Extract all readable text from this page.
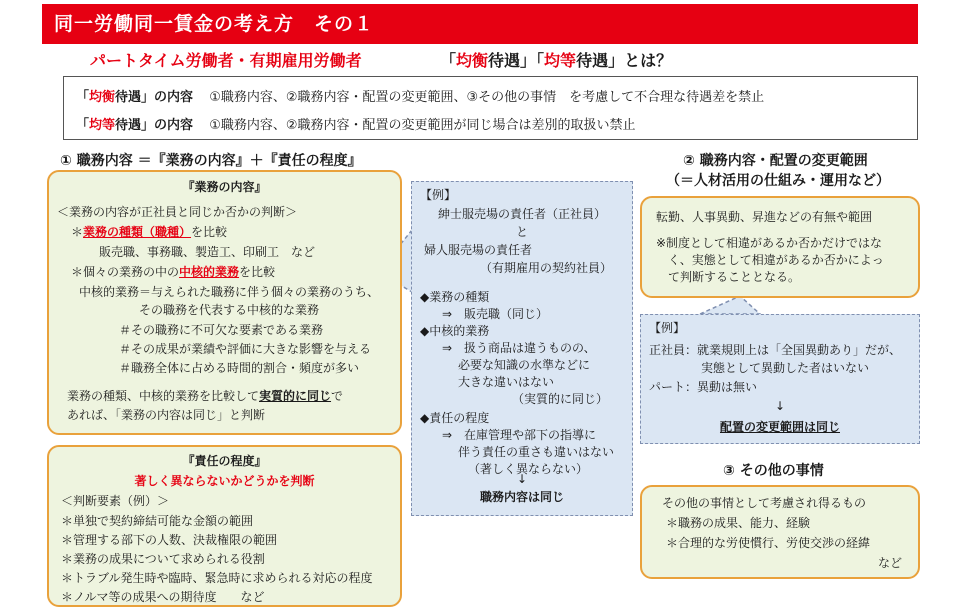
同一労働同一賃金の考え方　その１
パートタイム労働者・有期雇用労働者	「均衡待遇」「均等待遇」とは？
「均衡待遇」の内容 ①職務内容、②職務内容・配置の変更範囲、③その他の事情　を考慮して不合理な待遇差を禁止
「均等待遇」の内容 ①職務内容、②職務内容・配置の変更範囲が同じ場合は差別的取扱い禁止
① 職務内容 ＝『業務の内容』＋『責任の程度』
『業務の内容』
＜業務の内容が正社員と同じか否かの判断＞
＊業務の種類（職種）を比較
販売職、事務職、製造工、印刷工　など
＊個々の業務の中の中核的業務を比較
中核的業務＝与えられた職務に伴う個々の業務のうち、
その職務を代表する中核的な業務
＃その職務に不可欠な要素である業務
＃その成果が業績や評価に大きな影響を与える
＃職務全体に占める時間的割合・頻度が多い
業務の種類、中核的業務を比較して実質的に同じで
あれば、「業務の内容は同じ」と判断
『責任の程度』
著しく異ならないかどうかを判断
＜判断要素（例）＞
＊単独で契約締結可能な金額の範囲
＊管理する部下の人数、決裁権限の範囲
＊業務の成果について求められる役割
＊トラブル発生時や臨時、緊急時に求められる対応の程度
＊ノルマ等の成果への期待度　　など
【例】
紳士服売場の責任者（正社員）
と
婦人服売場の責任者
（有期雇用の契約社員）
◆業務の種類
⇒　販売職（同じ）
◆中核的業務
⇒　扱う商品は違うものの、
必要な知識の水準などに
大きな違いはない
（実質的に同じ）
◆責任の程度
⇒　在庫管理や部下の指導に
伴う責任の重さも違いはない
（著しく異ならない）
↓
職務内容は同じ
② 職務内容・配置の変更範囲
（＝人材活用の仕組み・運用など）
転勤、人事異動、昇進などの有無や範囲
※制度として相違があるか否かだけではな
く、実態として相違があるか否かによっ
て判断することとなる。
【例】
正社員：就業規則上は「全国異動あり」だが、
実態として異動した者はいない
パート：異動は無い
↓
配置の変更範囲は同じ
③ その他の事情
その他の事情として考慮され得るもの
＊職務の成果、能力、経験
＊合理的な労使慣行、労使交渉の経緯
など
